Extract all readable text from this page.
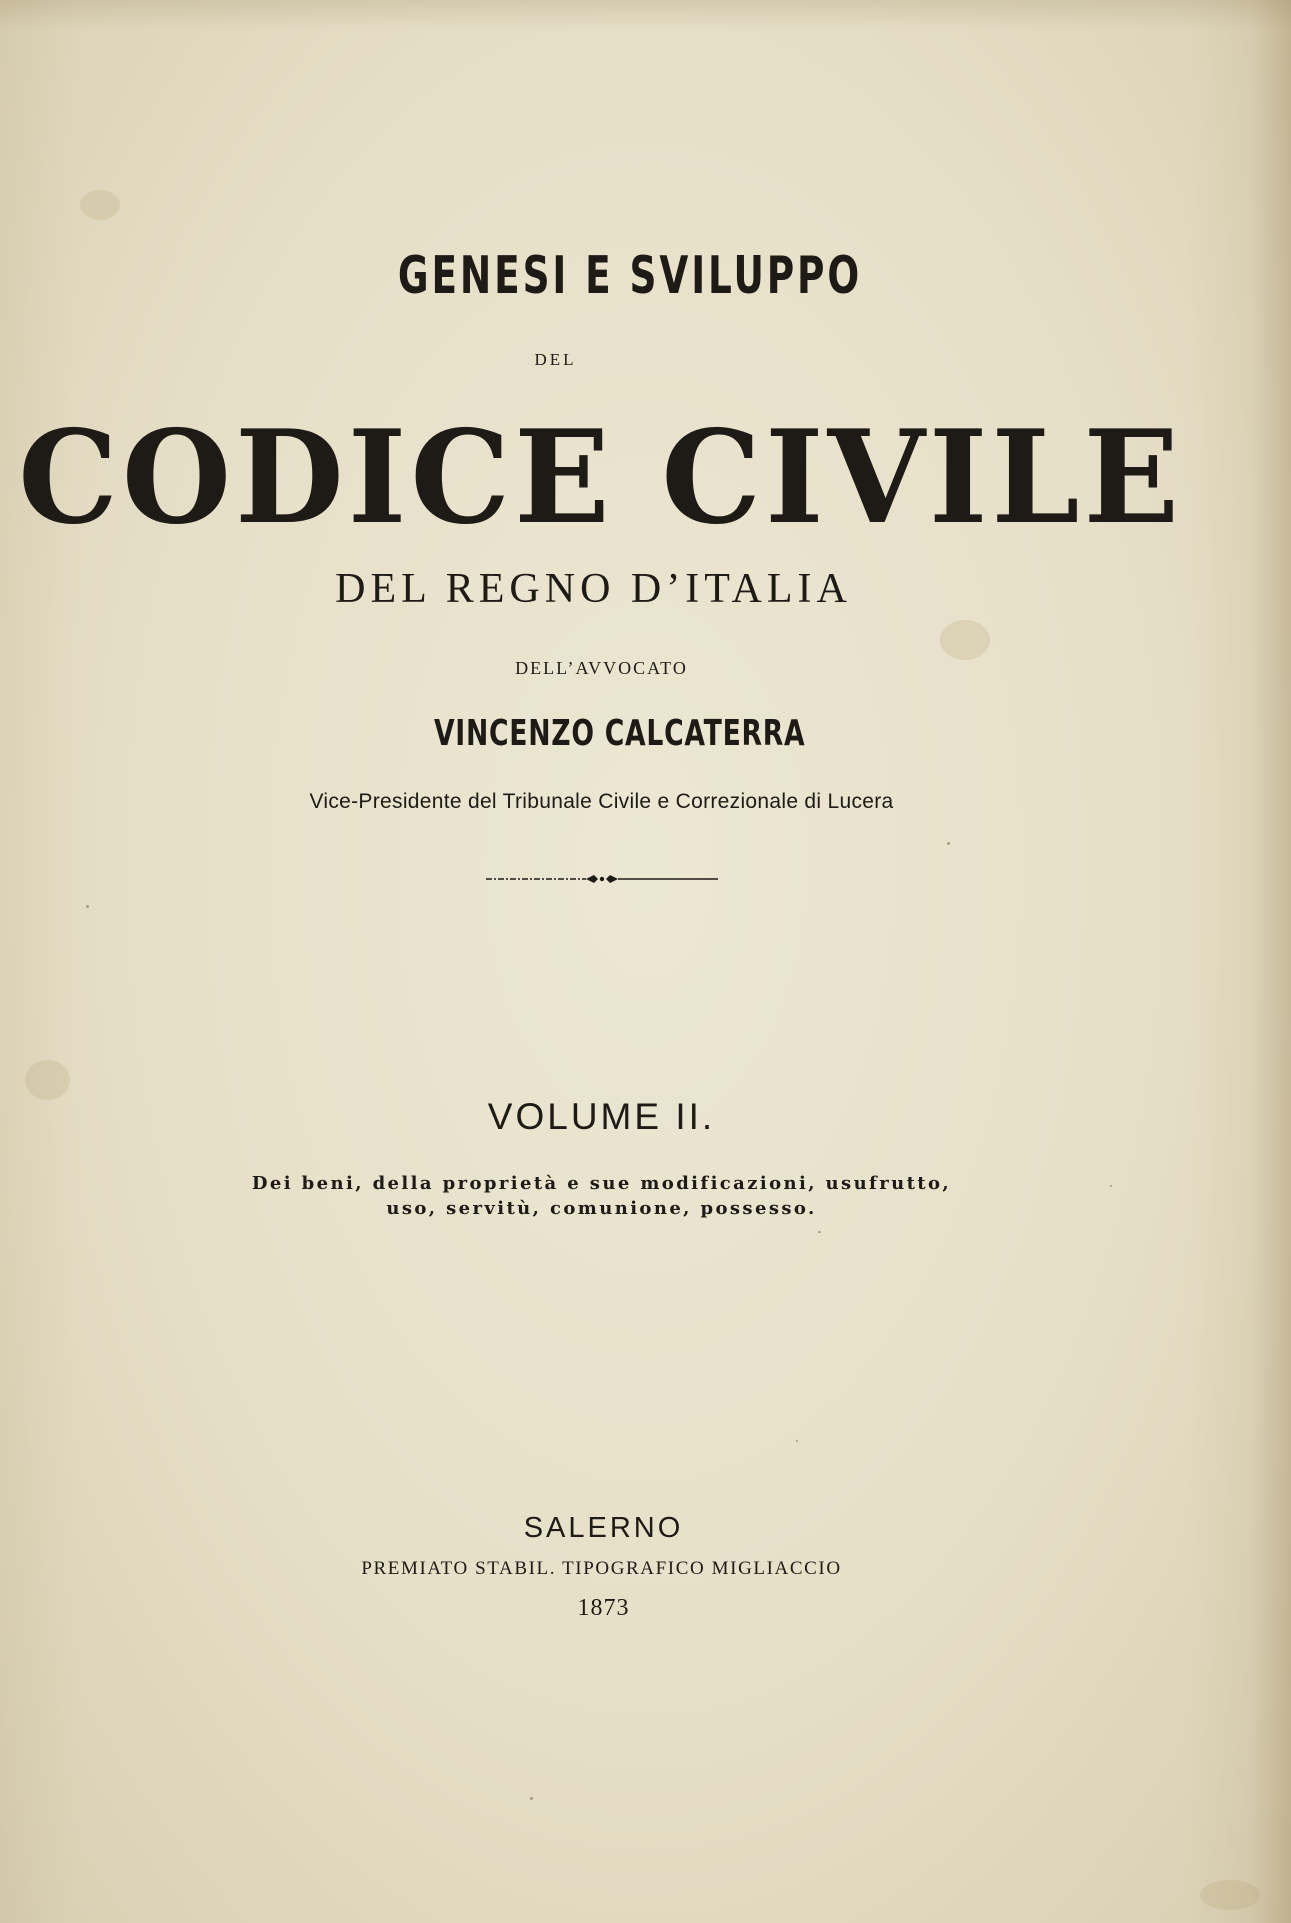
GENESI E SVILUPPO
DEL
CODICE CIVILE
DEL REGNO D’ITALIA
DELL’AVVOCATO
VINCENZO CALCATERRA
Vice-Presidente del Tribunale Civile e Correzionale di Lucera
VOLUME II.
Dei beni, della proprietà e sue modificazioni, usufrutto,
uso, servitù, comunione, possesso.
SALERNO
PREMIATO STABIL. TIPOGRAFICO MIGLIACCIO
1873
